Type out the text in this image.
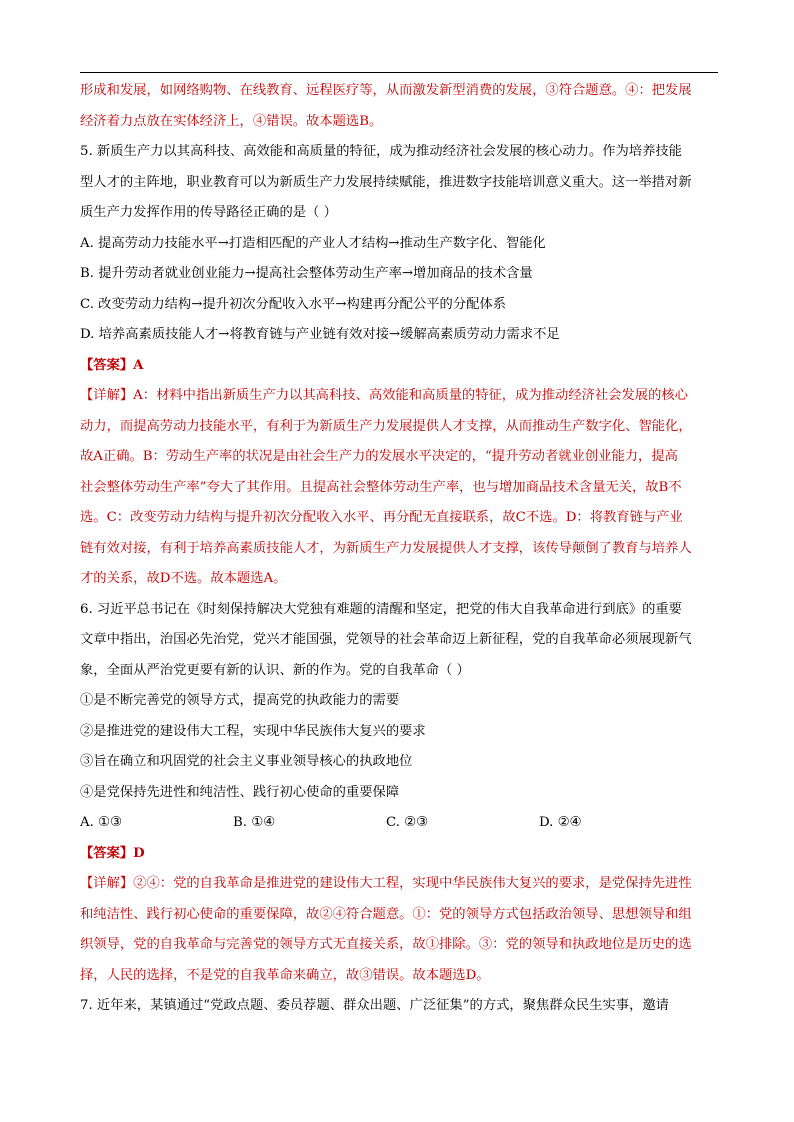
形成和发展，如网络购物、在线教育、远程医疗等，从而激发新型消费的发展，③符合题意。④：把发展
经济着力点放在实体经济上，④错误。故本题选B。
5. 新质生产力以其高科技、高效能和高质量的特征，成为推动经济社会发展的核心动力。作为培养技能
型人才的主阵地，职业教育可以为新质生产力发展持续赋能，推进数字技能培训意义重大。这一举措对新
质生产力发挥作用的传导路径正确的是（ ）
A. 提高劳动力技能水平→打造相匹配的产业人才结构→推动生产数字化、智能化
B. 提升劳动者就业创业能力→提高社会整体劳动生产率→增加商品的技术含量
C. 改变劳动力结构→提升初次分配收入水平→构建再分配公平的分配体系
D. 培养高素质技能人才→将教育链与产业链有效对接→缓解高素质劳动力需求不足
【答案】A
【详解】A：材料中指出新质生产力以其高科技、高效能和高质量的特征，成为推动经济社会发展的核心
动力，而提高劳动力技能水平，有利于为新质生产力发展提供人才支撑，从而推动生产数字化、智能化，
故A正确。B：劳动生产率的状况是由社会生产力的发展水平决定的，“提升劳动者就业创业能力，提高
社会整体劳动生产率”夸大了其作用。且提高社会整体劳动生产率，也与增加商品技术含量无关，故B不
选。C：改变劳动力结构与提升初次分配收入水平、再分配无直接联系，故C不选。D：将教育链与产业
链有效对接，有利于培养高素质技能人才，为新质生产力发展提供人才支撑，该传导颠倒了教育与培养人
才的关系，故D不选。故本题选A。
6. 习近平总书记在《时刻保持解决大党独有难题的清醒和坚定，把党的伟大自我革命进行到底》的重要
文章中指出，治国必先治党，党兴才能国强，党领导的社会革命迈上新征程，党的自我革命必须展现新气
象，全面从严治党更要有新的认识、新的作为。党的自我革命（ ）
①是不断完善党的领导方式，提高党的执政能力的需要
②是推进党的建设伟大工程，实现中华民族伟大复兴的要求
③旨在确立和巩固党的社会主义事业领导核心的执政地位
④是党保持先进性和纯洁性、践行初心使命的重要保障
A. ①③	B. ①④	C. ②③	D. ②④
【答案】D
【详解】②④：党的自我革命是推进党的建设伟大工程，实现中华民族伟大复兴的要求，是党保持先进性
和纯洁性、践行初心使命的重要保障，故②④符合题意。①：党的领导方式包括政治领导、思想领导和组
织领导，党的自我革命与完善党的领导方式无直接关系，故①排除。③：党的领导和执政地位是历史的选
择，人民的选择，不是党的自我革命来确立，故③错误。故本题选D。
7. 近年来，某镇通过“党政点题、委员荐题、群众出题、广泛征集”的方式，聚焦群众民生实事，邀请
